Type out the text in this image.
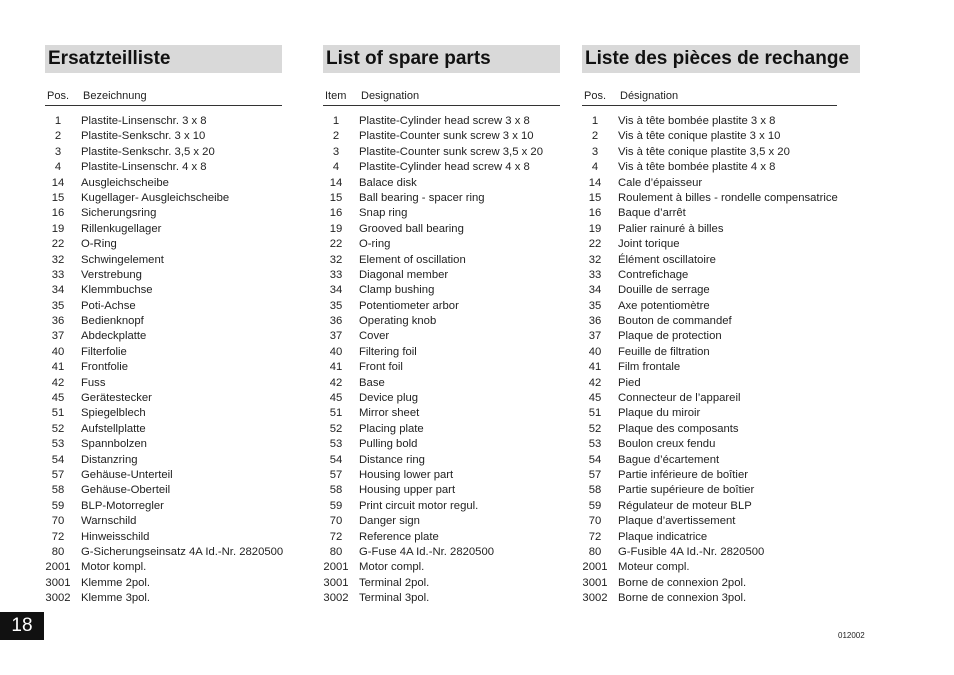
Ersatzteilliste
Pos. Bezeichnung
1	Plastite-Linsenschr. 3 x 8
2	Plastite-Senkschr. 3 x 10
3	Plastite-Senkschr. 3,5 x 20
4	Plastite-Linsenschr. 4 x 8
14	Ausgleichscheibe
15	Kugellager- Ausgleichscheibe
16	Sicherungsring
19	Rillenkugellager
22	O-Ring
32	Schwingelement
33	Verstrebung
34	Klemmbuchse
35	Poti-Achse
36	Bedienknopf
37	Abdeckplatte
40	Filterfolie
41	Frontfolie
42	Fuss
45	Gerätestecker
51	Spiegelblech
52	Aufstellplatte
53	Spannbolzen
54	Distanzring
57	Gehäuse-Unterteil
58	Gehäuse-Oberteil
59	BLP-Motorregler
70	Warnschild
72	Hinweisschild
80	G-Sicherungseinsatz 4A Id.-Nr. 2820500
2001 Motor kompl.
3001 Klemme 2pol.
3002 Klemme 3pol.
List of spare parts
Item Designation
1	Plastite-Cylinder head screw 3 x 8
2	Plastite-Counter sunk screw 3 x 10
3	Plastite-Counter sunk screw 3,5 x 20
4	Plastite-Cylinder head screw 4 x 8
14	Balace disk
15	Ball bearing - spacer ring
16	Snap ring
19	Grooved ball bearing
22	O-ring
32	Element of oscillation
33	Diagonal member
34	Clamp bushing
35	Potentiometer arbor
36	Operating knob
37	Cover
40	Filtering foil
41	Front foil
42	Base
45	Device plug
51	Mirror sheet
52	Placing plate
53	Pulling bold
54	Distance ring
57	Housing lower part
58	Housing upper part
59	Print circuit motor regul.
70	Danger sign
72	Reference plate
80	G-Fuse 4A Id.-Nr. 2820500
2001 Motor compl.
3001 Terminal 2pol.
3002 Terminal 3pol.
Liste des pièces de rechange
Pos. Désignation
1	Vis à tête bombée plastite 3 x 8
2	Vis à tête conique plastite 3 x 10
3	Vis à tête conique plastite 3,5 x 20
4	Vis à tête bombée plastite 4 x 8
14	Cale d’épaisseur
15	Roulement à billes - rondelle compensatrice
16	Baque d’arrêt
19	Palier rainuré à billes
22	Joint torique
32	Élément oscillatoire
33	Contrefichage
34	Douille de serrage
35	Axe potentiomètre
36	Bouton de commandef
37	Plaque de protection
40	Feuille de filtration
41	Film frontale
42	Pied
45	Connecteur de l’appareil
51	Plaque du miroir
52	Plaque des composants
53	Boulon creux fendu
54	Bague d’écartement
57	Partie inférieure de boîtier
58	Partie supérieure de boîtier
59	Régulateur de moteur BLP
70	Plaque d’avertissement
72	Plaque indicatrice
80	G-Fusible 4A Id.-Nr. 2820500
2001 Moteur compl.
3001 Borne de connexion 2pol.
3002 Borne de connexion 3pol.
18	012002
